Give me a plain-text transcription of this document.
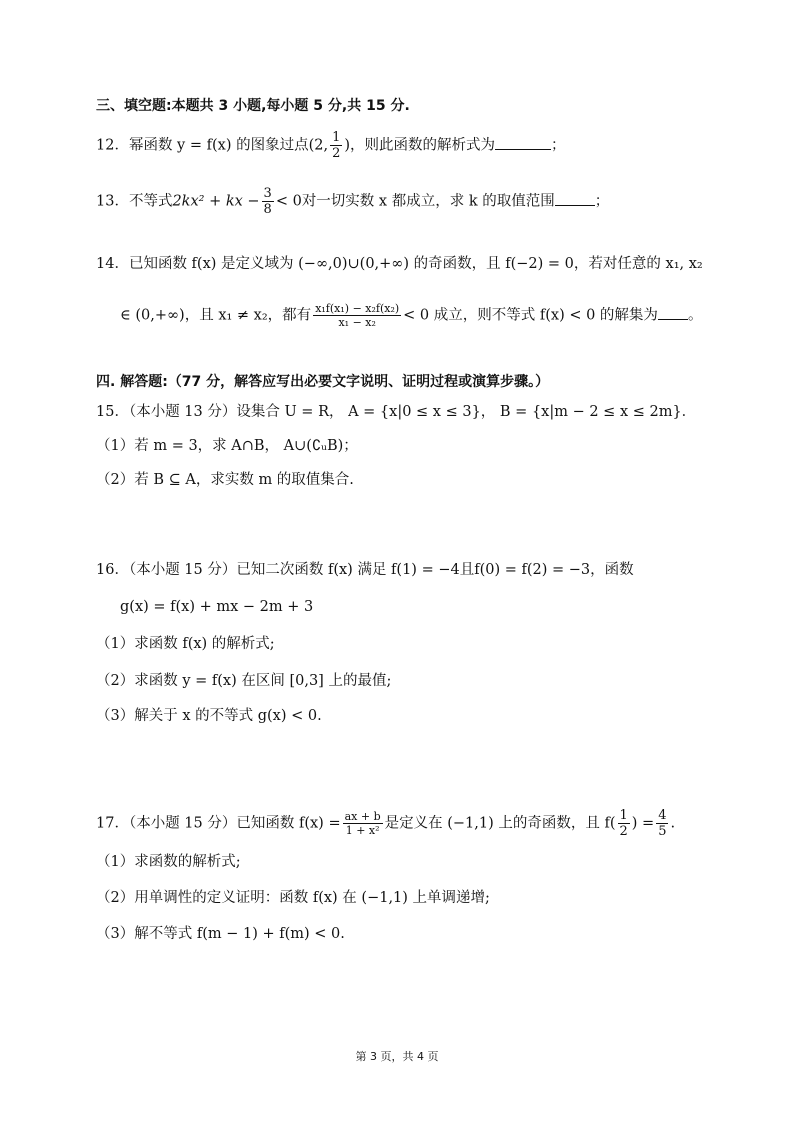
三、填空题:本题共 3 小题,每小题 5 分,共 15 分.
12．幂函数 y = f(x) 的图象过点(2, $\frac{1}{2}$ )，则此函数的解析式为	；
13．不等式2kx² + kx − $\frac{3}{8} < 0$对一切实数 x 都成立，求 k 的取值范围	；
14．已知函数 f(x) 是定义域为 (−∞,0)∪(0,+∞) 的奇函数，且 f(−2) = 0，若对任意的 x₁, x₂
∈ (0,+∞)，且 x₁ ≠ x₂，都有 $\frac{\text{x₁f(x₁) − x₂f(x₂)}}{\text{x₁ − x₂}} < 0$ 成立，则不等式 f(x) < 0 的解集为 。
四. 解答题:（77 分，解答应写出必要文字说明、证明过程或演算步骤。）
15．（本小题 13 分）设集合 U = R， A = {x|0 ≤ x ≤ 3}， B = {x|m − 2 ≤ x ≤ 2m}．
（1）若 m = 3，求 A∩B， A∪(∁ᵤB)；
（2）若 B ⊆ A，求实数 m 的取值集合.
16．（本小题 15 分）已知二次函数 f(x) 满足 f(1) = −4且f(0) = f(2) = −3，函数
g(x) = f(x) + mx − 2m + 3
（1）求函数 f(x) 的解析式;
（2）求函数 y = f(x) 在区间 [0,3] 上的最值;
（3）解关于 x 的不等式 g(x) < 0.
17．（本小题 15 分）已知函数 $f(x) = \frac{ax + b}{\text{1 + x²}}$ 是定义在 (−1,1) 上的奇函数，且 $f( \frac{1}{2}$ ) = $\frac{4}{5}$ .
（1）求函数的解析式;
（2）用单调性的定义证明：函数 f(x) 在 (−1,1) 上单调递增;
（3）解不等式 f(m − 1) + f(m) < 0.
第 3 页，共 4 页
